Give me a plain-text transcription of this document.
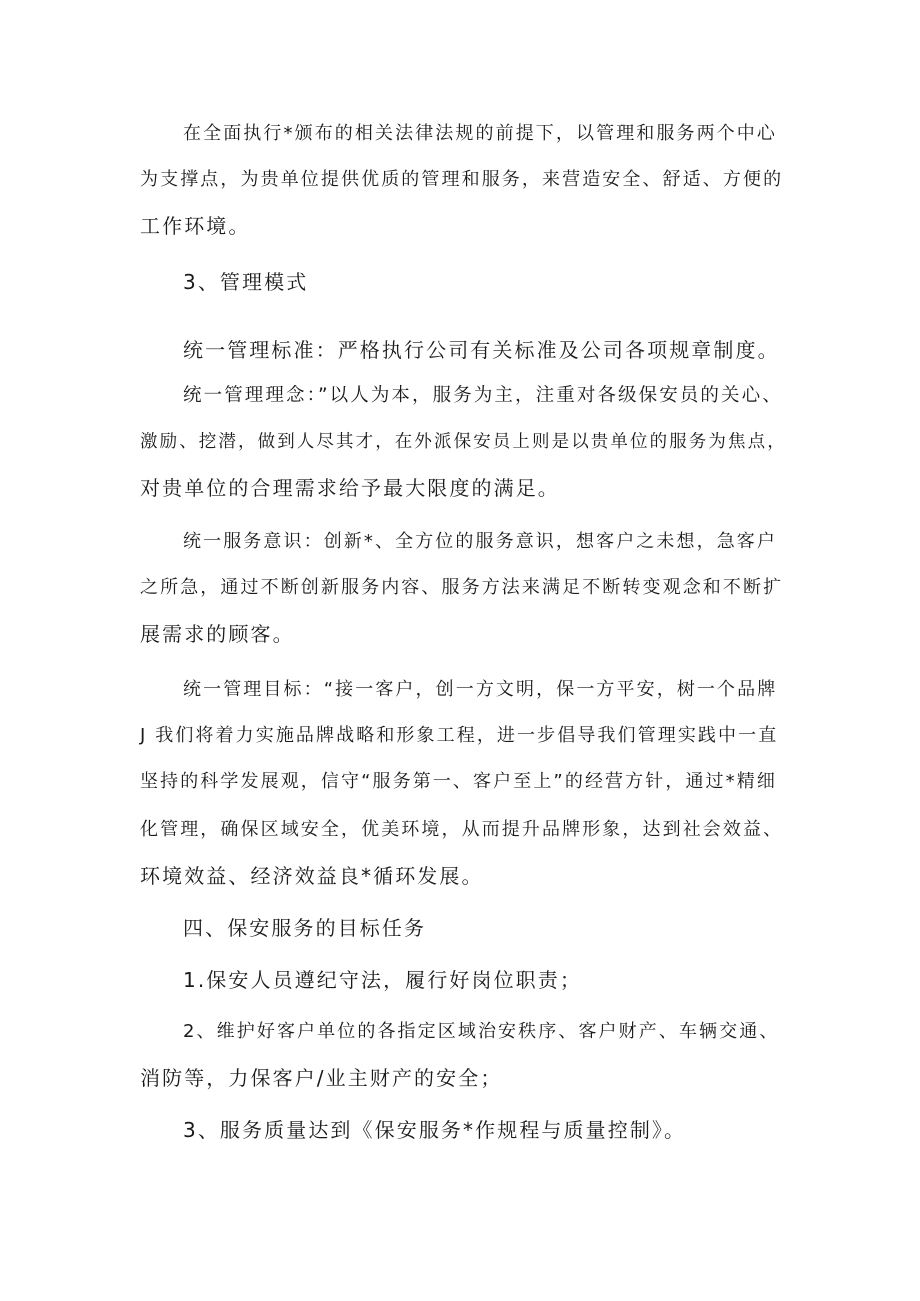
在全面执行*颁布的相关法律法规的前提下，以管理和服务两个中心
为支撑点，为贵单位提供优质的管理和服务，来营造安全、舒适、方便的
工作环境。
3、管理模式
统一管理标准：严格执行公司有关标准及公司各项规章制度。
统一管理理念：”以人为本，服务为主，注重对各级保安员的关心、
激励、挖潜，做到人尽其才，在外派保安员上则是以贵单位的服务为焦点，
对贵单位的合理需求给予最大限度的满足。
统一服务意识：创新*、全方位的服务意识，想客户之未想，急客户
之所急，通过不断创新服务内容、服务方法来满足不断转变观念和不断扩
展需求的顾客。
统一管理目标：“接一客户，创一方文明，保一方平安，树一个品牌
J 我们将着力实施品牌战略和形象工程，进一步倡导我们管理实践中一直
坚持的科学发展观，信守“服务第一、客户至上”的经营方针，通过*精细
化管理，确保区域安全，优美环境，从而提升品牌形象，达到社会效益、
环境效益、经济效益良*循环发展。
四、保安服务的目标任务
1.保安人员遵纪守法，履行好岗位职责；
2、维护好客户单位的各指定区域治安秩序、客户财产、车辆交通、
消防等，力保客户/业主财产的安全；
3、服务质量达到《保安服务*作规程与质量控制》。
